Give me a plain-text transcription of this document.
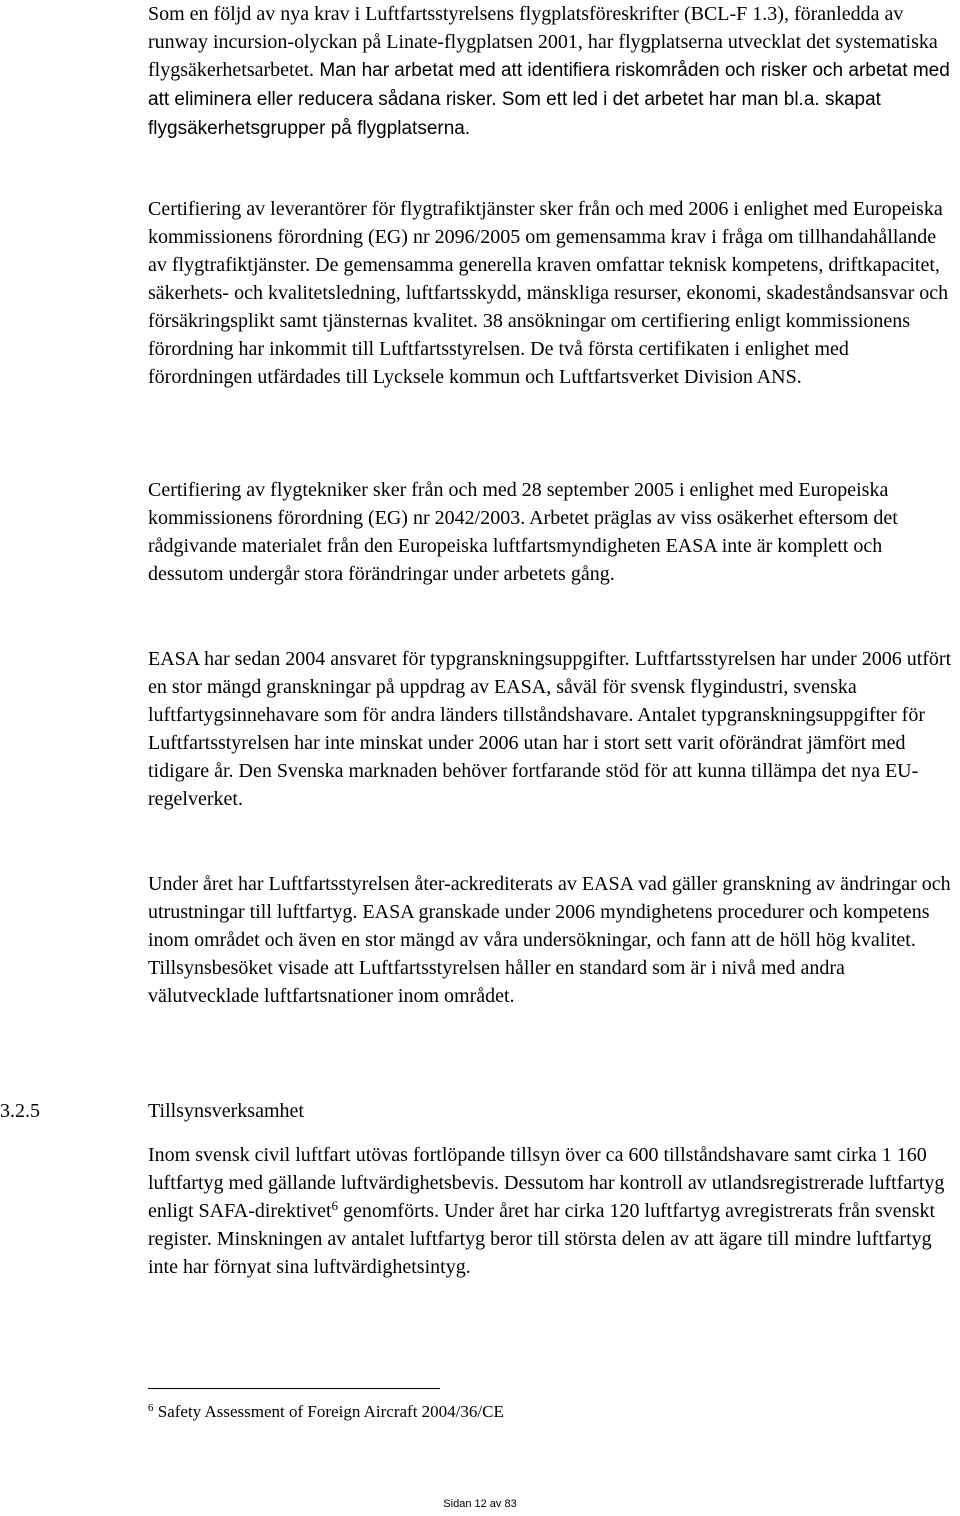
Som en följd av nya krav i Luftfartsstyrelsens flygplatsföreskrifter (BCL-F 1.3), föranledda av runway incursion-olyckan på Linate-flygplatsen 2001, har flygplatserna utvecklat det systematiska flygsäkerhetsarbetet. Man har arbetat med att identifiera riskområden och risker och arbetat med att eliminera eller reducera sådana risker. Som ett led i det arbetet har man bl.a. skapat flygsäkerhetsgrupper på flygplatserna.

Certifiering av leverantörer för flygtrafiktjänster sker från och med 2006 i enlighet med Europeiska kommissionens förordning (EG) nr 2096/2005 om gemensamma krav i fråga om tillhandahållande av flygtrafiktjänster. De gemensamma generella kraven omfattar teknisk kompetens, driftkapacitet, säkerhets- och kvalitetsledning, luftfartsskydd, mänskliga resurser, ekonomi, skadeståndsansvar och försäkringsplikt samt tjänsternas kvalitet. 38 ansökningar om certifiering enligt kommissionens förordning har inkommit till Luftfartsstyrelsen. De två första certifikaten i enlighet med förordningen utfärdades till Lycksele kommun och Luftfartsverket Division ANS.

Certifiering av flygtekniker sker från och med 28 september 2005 i enlighet med Europeiska kommissionens förordning (EG) nr 2042/2003. Arbetet präglas av viss osäkerhet eftersom det rådgivande materialet från den Europeiska luftfartsmyndigheten EASA inte är komplett och dessutom undergår stora förändringar under arbetets gång.

EASA har sedan 2004 ansvaret för typgranskningsuppgifter. Luftfartsstyrelsen har under 2006 utfört en stor mängd granskningar på uppdrag av EASA, såväl för svensk flygindustri, svenska luftfartygsinnehavare som för andra länders tillståndshavare. Antalet typgranskningsuppgifter för Luftfartsstyrelsen har inte minskat under 2006 utan har i stort sett varit oförändrat jämfört med tidigare år. Den Svenska marknaden behöver fortfarande stöd för att kunna tillämpa det nya EU-regelverket.

Under året har Luftfartsstyrelsen åter-ackrediterats av EASA vad gäller granskning av ändringar och utrustningar till luftfartyg. EASA granskade under 2006 myndighetens procedurer och kompetens inom området och även en stor mängd av våra undersökningar, och fann att de höll hög kvalitet. Tillsynsbesöket visade att Luftfartsstyrelsen håller en standard som är i nivå med andra välutvecklade luftfartsnationer inom området.

3.2.5	Tillsynsverksamhet

Inom svensk civil luftfart utövas fortlöpande tillsyn över ca 600 tillståndshavare samt cirka 1 160 luftfartyg med gällande luftvärdighetsbevis. Dessutom har kontroll av utlandsregistrerade luftfartyg enligt SAFA-direktivet$^6$ genomförts. Under året har cirka 120 luftfartyg avregistrerats från svenskt register. Minskningen av antalet luftfartyg beror till största delen av att ägare till mindre luftfartyg inte har förnyat sina luftvärdighetsintyg.

$^6$ Safety Assessment of Foreign Aircraft 2004/36/CE
Sidan 12 av 83
